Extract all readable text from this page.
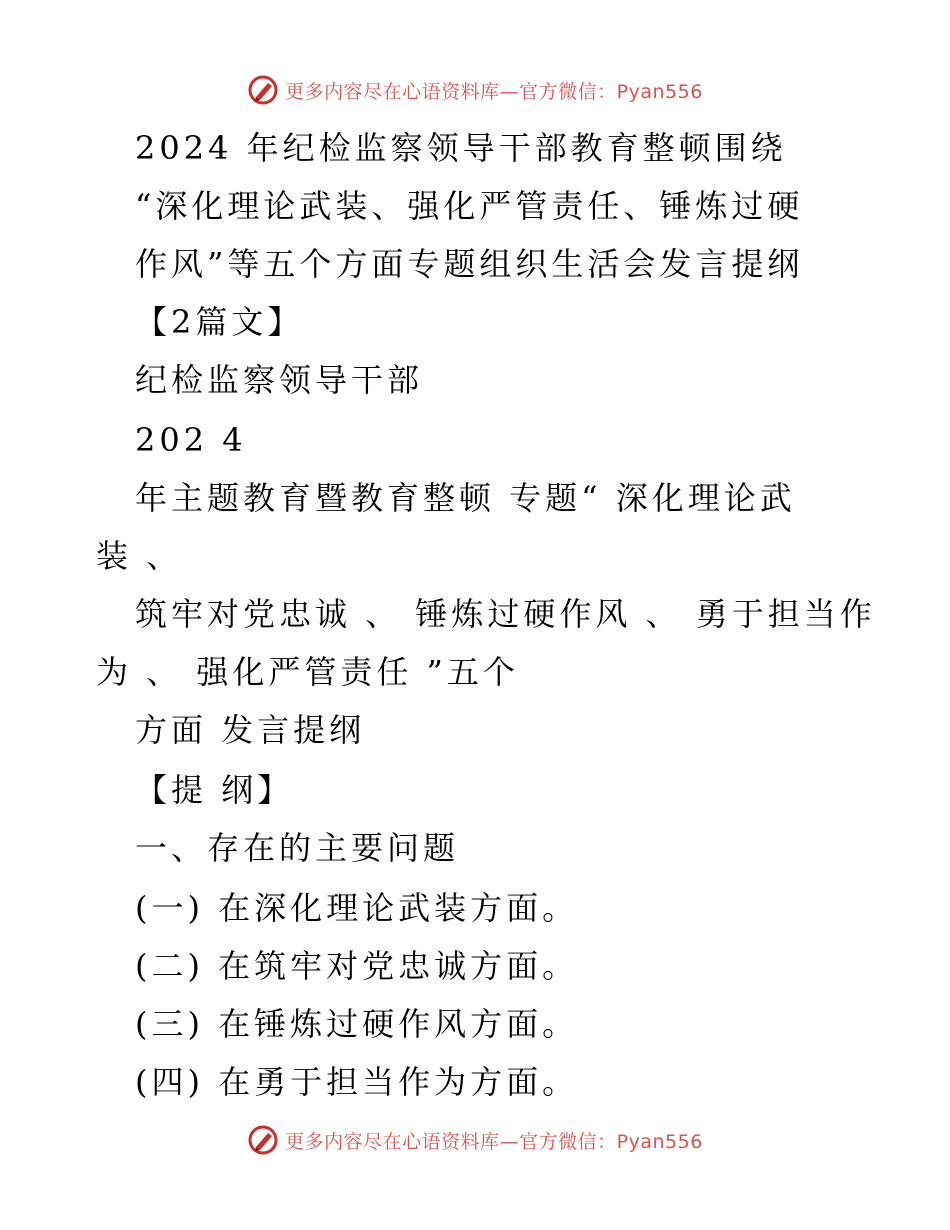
更多内容尽在心语资料库—官方微信：Pyan556
2024 年纪检监察领导干部教育整顿围绕
“深化理论武装、强化严管责任、锤炼过硬
作风”等五个方面专题组织生活会发言提纲
【2篇文】
纪检监察领导干部
202 4
年主题教育暨教育整顿 专题“ 深化理论武
装 、
筑牢对党忠诚 、 锤炼过硬作风 、 勇于担当作
为 、 强化严管责任 ”五个
方面 发言提纲
【提 纲】
一、存在的主要问题
(一) 在深化理论武装方面。
(二) 在筑牢对党忠诚方面。
(三) 在锤炼过硬作风方面。
(四) 在勇于担当作为方面。
更多内容尽在心语资料库—官方微信：Pyan556
